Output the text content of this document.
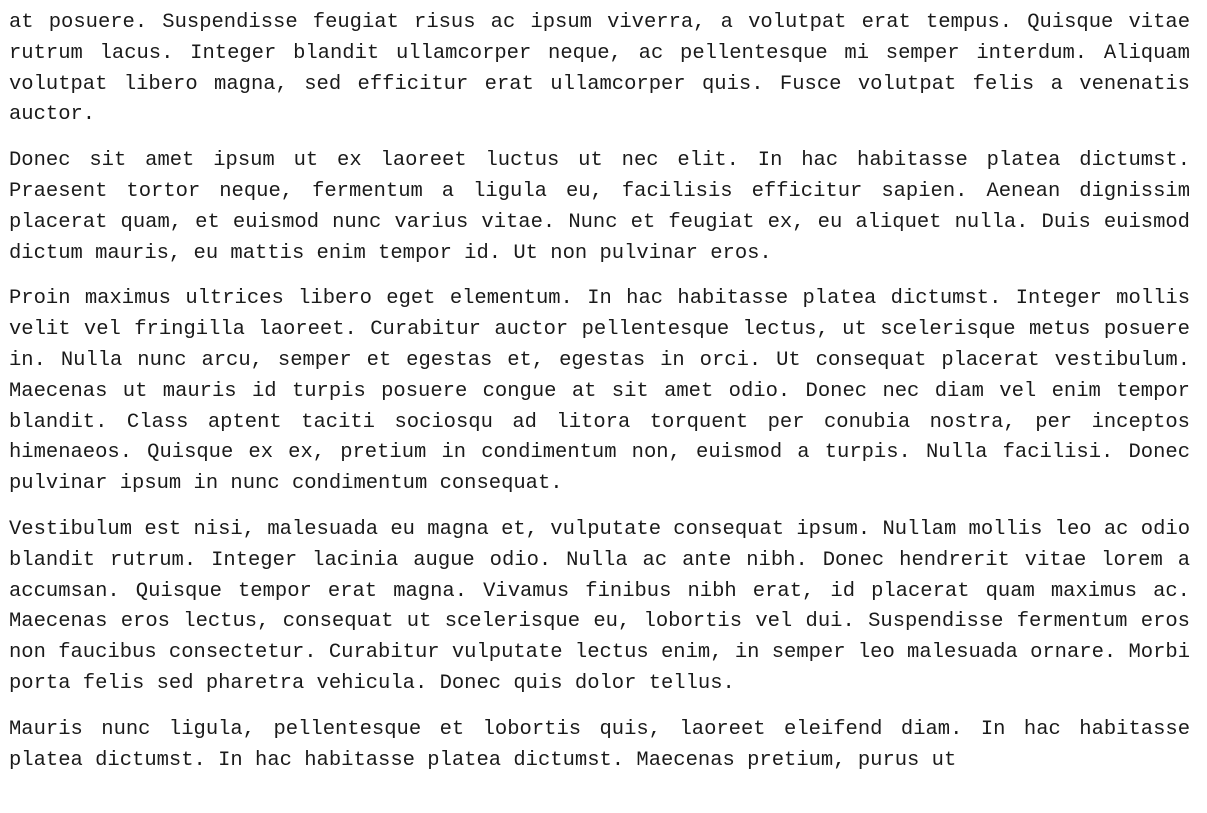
at posuere. Suspendisse feugiat risus ac ipsum viverra, a volutpat erat tempus. Quisque vitae rutrum lacus. Integer blandit ullamcorper neque, ac pellentesque mi semper interdum. Aliquam volutpat libero magna, sed efficitur erat ullamcorper quis. Fusce volutpat felis a venenatis auctor.

Donec sit amet ipsum ut ex laoreet luctus ut nec elit. In hac habitasse platea dictumst. Praesent tortor neque, fermentum a ligula eu, facilisis efficitur sapien. Aenean dignissim placerat quam, et euismod nunc varius vitae. Nunc et feugiat ex, eu aliquet nulla. Duis euismod dictum mauris, eu mattis enim tempor id. Ut non pulvinar eros.

Proin maximus ultrices libero eget elementum. In hac habitasse platea dictumst. Integer mollis velit vel fringilla laoreet. Curabitur auctor pellentesque lectus, ut scelerisque metus posuere in. Nulla nunc arcu, semper et egestas et, egestas in orci. Ut consequat placerat vestibulum. Maecenas ut mauris id turpis posuere congue at sit amet odio. Donec nec diam vel enim tempor blandit. Class aptent taciti sociosqu ad litora torquent per conubia nostra, per inceptos himenaeos. Quisque ex ex, pretium in condimentum non, euismod a turpis. Nulla facilisi. Donec pulvinar ipsum in nunc condimentum consequat.

Vestibulum est nisi, malesuada eu magna et, vulputate consequat ipsum. Nullam mollis leo ac odio blandit rutrum. Integer lacinia augue odio. Nulla ac ante nibh. Donec hendrerit vitae lorem a accumsan. Quisque tempor erat magna. Vivamus finibus nibh erat, id placerat quam maximus ac. Maecenas eros lectus, consequat ut scelerisque eu, lobortis vel dui. Suspendisse fermentum eros non faucibus consectetur. Curabitur vulputate lectus enim, in semper leo malesuada ornare. Morbi porta felis sed pharetra vehicula. Donec quis dolor tellus.

Mauris nunc ligula, pellentesque et lobortis quis, laoreet eleifend diam. In hac habitasse platea dictumst. In hac habitasse platea dictumst. Maecenas pretium, purus ut
